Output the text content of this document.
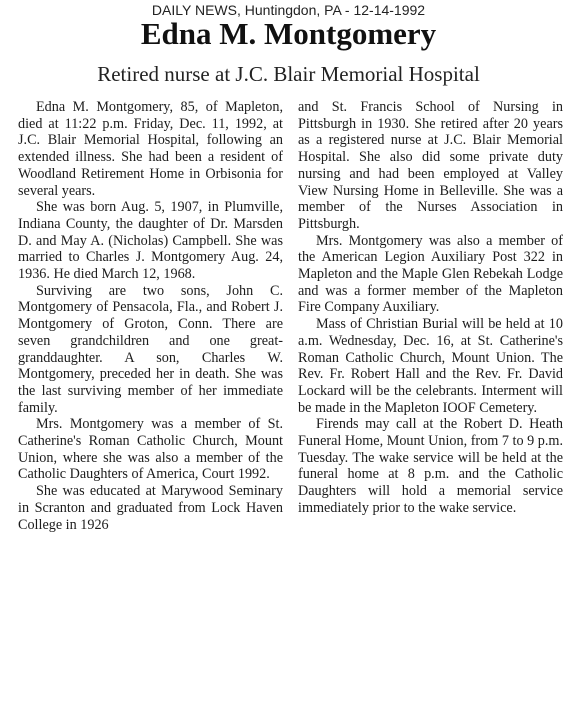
DAILY NEWS, Huntingdon, PA - 12-14-1992
Edna M. Montgomery
Retired nurse at J.C. Blair Memorial Hospital

Edna M. Montgomery, 85, of Mapleton, died at 11:22 p.m. Friday, Dec. 11, 1992, at J.C. Blair Memorial Hospital, following an extended illness. She had been a resident of Woodland Retirement Home in Orbisonia for several years.

She was born Aug. 5, 1907, in Plumville, Indiana County, the daughter of Dr. Marsden D. and May A. (Nicholas) Campbell. She was married to Charles J. Montgomery Aug. 24, 1936. He died March 12, 1968.

Surviving are two sons, John C. Montgomery of Pensacola, Fla., and Robert J. Montgomery of Groton, Conn. There are seven grandchildren and one great-granddaughter. A son, Charles W. Montgomery, preceded her in death. She was the last surviving member of her immediate family.

Mrs. Montgomery was a member of St. Catherine's Roman Catholic Church, Mount Union, where she was also a member of the Catholic Daughters of America, Court 1992.

She was educated at Marywood Seminary in Scranton and graduated from Lock Haven College in 1926

and St. Francis School of Nursing in Pittsburgh in 1930. She retired after 20 years as a registered nurse at J.C. Blair Memorial Hospital. She also did some private duty nursing and had been employed at Valley View Nursing Home in Belleville. She was a member of the Nurses Association in Pittsburgh.

Mrs. Montgomery was also a member of the American Legion Auxiliary Post 322 in Mapleton and the Maple Glen Rebekah Lodge and was a former member of the Mapleton Fire Company Auxiliary.

Mass of Christian Burial will be held at 10 a.m. Wednesday, Dec. 16, at St. Catherine's Roman Catholic Church, Mount Union. The Rev. Fr. Robert Hall and the Rev. Fr. David Lockard will be the celebrants. Interment will be made in the Mapleton IOOF Cemetery.

Firends may call at the Robert D. Heath Funeral Home, Mount Union, from 7 to 9 p.m. Tuesday. The wake service will be held at the funeral home at 8 p.m. and the Catholic Daughters will hold a memorial service immediately prior to the wake service.
